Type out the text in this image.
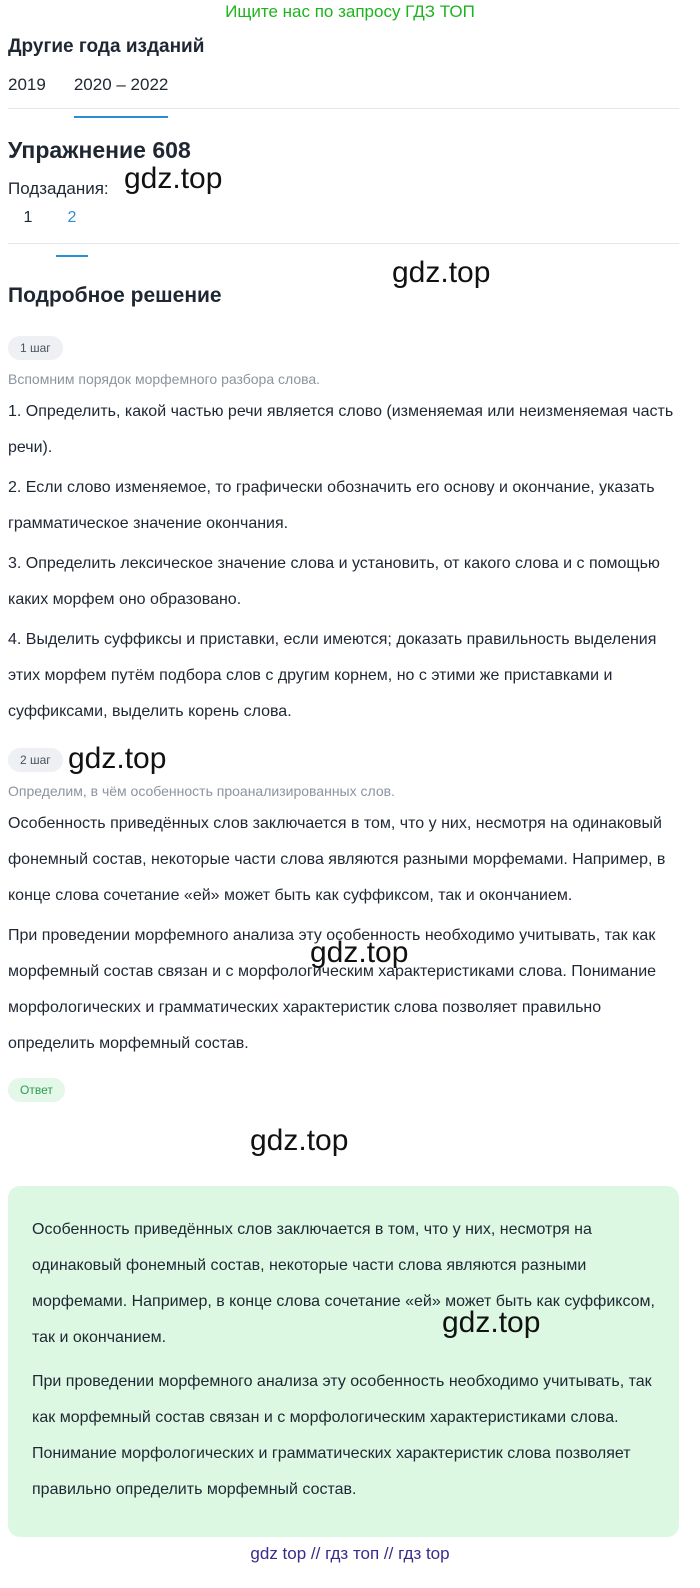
Ищите нас по запросу ГДЗ ТОП
Другие года изданий
2019 2020 – 2022
Упражнение 608
Подзадания:
1	2
Подробное решение
1 шаг
Вспомним порядок морфемного разбора слова.
1. Определить, какой частью речи является слово (изменяемая или неизменяемая часть речи).
2. Если слово изменяемое, то графически обозначить его основу и окончание, указать грамматическое значение окончания.
3. Определить лексическое значение слова и установить, от какого слова и с помощью каких морфем оно образовано.
4. Выделить суффиксы и приставки, если имеются; доказать правильность выделения этих морфем путём подбора слов с другим корнем, но с этими же приставками и суффиксами, выделить корень слова.
2 шаг
Определим, в чём особенность проанализированных слов.
Особенность приведённых слов заключается в том, что у них, несмотря на одинаковый фонемный состав, некоторые части слова являются разными морфемами. Например, в конце слова сочетание «ей» может быть как суффиксом, так и окончанием.
При проведении морфемного анализа эту особенность необходимо учитывать, так как морфемный состав связан и с морфологическим характеристиками слова. Понимание морфологических и грамматических характеристик слова позволяет правильно определить морфемный состав.
Ответ
Особенность приведённых слов заключается в том, что у них, несмотря на одинаковый фонемный состав, некоторые части слова являются разными морфемами. Например, в конце слова сочетание «ей» может быть как суффиксом, так и окончанием.
При проведении морфемного анализа эту особенность необходимо учитывать, так как морфемный состав связан и с морфологическим характеристиками слова. Понимание морфологических и грамматических характеристик слова позволяет правильно определить морфемный состав.
gdz.top
gdz.top
gdz.top
gdz.top
gdz.top
gdz.top
gdz top // гдз топ // гдз top
